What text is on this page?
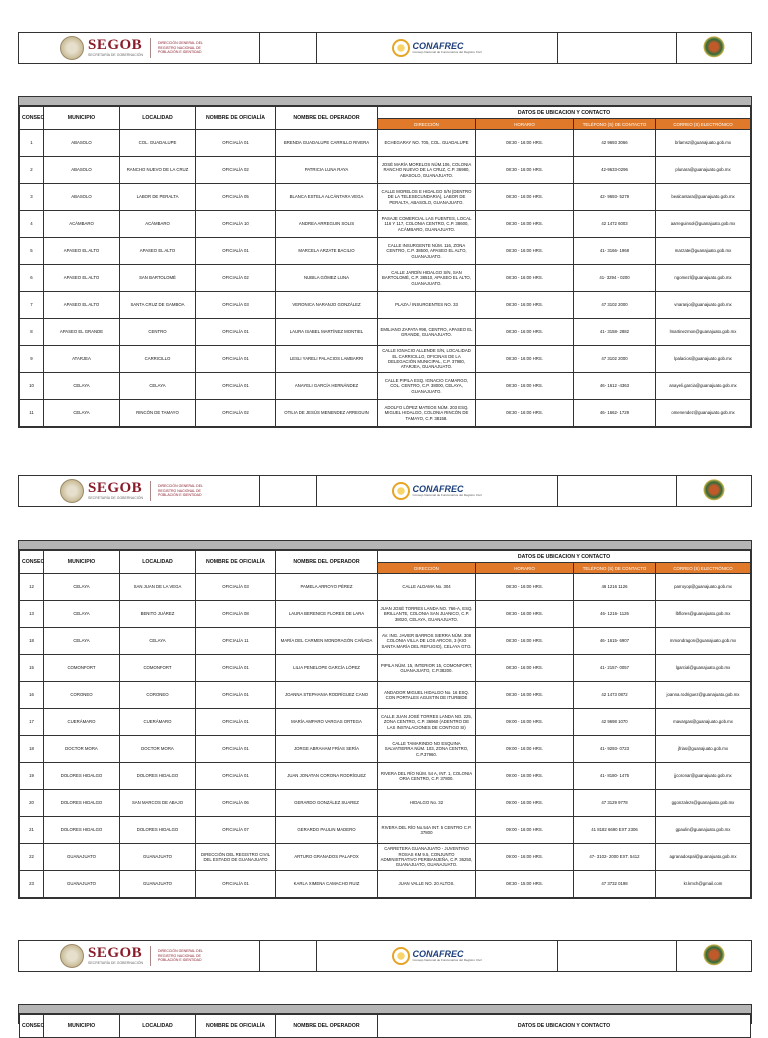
SEGOB
SECRETARÍA DE GOBERNACIÓN
DIRECCIÓN GENERAL DEL REGISTRO NACIONAL DE POBLACIÓN E IDENTIDAD
CONAFREC
Consejo Nacional de Funcionarios del Registro Civil
CONSEC	MUNICIPIO	LOCALIDAD	NOMBRE DE OFICIALÍA	NOMBRE DEL OPERADOR	DATOS DE UBICACION Y CONTACTO			
					DIRECCIÓN	HORARIO	TELÉFONO (S) DE CONTACTO	CORREO (S) ELECTRÓNICO
1	ABASOLO	COL. GUADALUPE	OFICIALÍA 01	BRENDA GUADALUPE CARRILLO RIVERA	ECHEGARAY NO. 705, COL. GUADALUPE	08:30 - 16:00 HRS.	42 9693 3066	brlamsz@guanajuato.gob.mx
2	ABASOLO	RANCHO NUEVO DE LA CRUZ	OFICIALÍA 02	PATRICIA LUNA RAYA	JOSÉ MARÍA MORELOS NÚM.106, COLONIA RANCHO NUEVO DE LA CRUZ, C.P. 36980, ABASOLO, GUANAJUATO.	08:30 - 16:00 HRS.	42-9633-0296	plunara@guanajuato.gob.mx
3	ABASOLO	LABOR DE PERALTA	OFICIALÍA 05	BLANCA ESTELA ALCÁNTARA VEGA	CALLE MORELOS E HIDALGO S/N (DENTRO DE LA TELESECUNDARIA), LABOR DE PERALTA, ABASOLO, GUANAJUATO.	08:30 - 16:00 HRS.	42- 9693- 5279	bealcantara@guanajuato.gob.mx
4	ACÁMBARO	ACÁMBARO	OFICIALÍA 10	ANDREA ARREGUIN SOLIS	PASAJE COMERCIAL LAS FUENTES, LOCAL 116 Y 117, COLONIA CENTRO, C.P. 38600, ACÁMBARO, GUANAJUATO.	08:30 - 16:00 HRS.	42 1472 6003	aarreguinsol@guanajuato.gob.mx
5	APASEO EL ALTO	APASEO EL ALTO	OFICIALÍA 01	MARCELA ARZATE BACILIO	CALLE INSURGENTE NÚM. 116, ZONA CENTRO, C.P. 38500, APASEO EL ALTO, GUANAJUATO.	08:30 - 16:00 HRS.	41- 3166- 1968	marzate@guanajuato.gob.mx
6	APASEO EL ALTO	SAN BARTOLOMÉ	OFICIALÍA 02	NUBILA GÓMEZ LUNA	CALLE JARDÍN HIDALGO S/N, SAN BARTOLOMÉ, C.P. 38510, APASEO EL ALTO, GUANAJUATO.	08:30 - 16:00 HRS.	41- 3294 - 0200	ngomezl@guanajuato.gob.mx
7	APASEO EL ALTO	SANTA CRUZ DE GAMBOA	OFICIALÍA 03	VERONICA NARANJO GONZÁLEZ	PLAZA / INSURGENTES NO. 33	08:30 - 16:00 HRS.	47 3102 2000	vnaranjo@guanajuato.gob.mx
8	APASEO EL GRANDE	CENTRO	OFICIALÍA 01	LAURA ISABEL MARTÍNEZ MONTIEL	EMILIANO ZAPATA #98, CENTRO, APASEO EL GRANDE, GUANAJUATO.	08:30 - 16:00 HRS.	41- 3158- 2882	lmartinezmon@guanajuato.gob.mx
9	ATARJEA	CARRICILLO	OFICIALÍA 01	LESLI YARELI PALACIOS LAMBARRI	CALLE IGNACIO ALLENDE S/N, LOCALIDAD EL CARRICILLO, OFICINAS DE LA DELEGACIÓN MUNICIPAL, C.P. 37980, ATARJEA, GUANAJUATO.	08:30 - 16:00 HRS.	47 3102 2000	lpalacios@guanajuato.gob.mx
10	CELAYA	CELAYA	OFICIALÍA 01	ANAYELI GARCÍA HERNÁNDEZ	CALLE PIPILA ESQ. IGNACIO CAMARGO, COL. CENTRO, C.P. 38000, CELAYA, GUANAJUATO.	08:30 - 16:00 HRS.	46- 1612 -4363	anayeli.garcia@guanajuato.gob.mx
11	CELAYA	RINCÓN DE TAMAYO	OFICIALÍA 02	OTILIA DE JESÚS MENENDEZ ARREGUIN	ADOLFO LÓPEZ MATEOS NÚM. 203 ESQ. MIGUEL HIDALGO, COLONIA RINCÓN DE TAMAYO, C.P. 38158.	08:30 - 16:00 HRS.	46- 1662- 1729	omenendez@guanajuato.gob.mx
SEGOB
SECRETARÍA DE GOBERNACIÓN
DIRECCIÓN GENERAL DEL REGISTRO NACIONAL DE POBLACIÓN E IDENTIDAD
CONAFREC
Consejo Nacional de Funcionarios del Registro Civil
CONSEC	MUNICIPIO	LOCALIDAD	NOMBRE DE OFICIALÍA	NOMBRE DEL OPERADOR	DATOS DE UBICACION Y CONTACTO			
					DIRECCIÓN	HORARIO	TELÉFONO (S) DE CONTACTO	CORREO (S) ELECTRÓNICO
12	CELAYA	SAN JUAN DE LA VEGA	OFICIALÍA 03	PAMELA ARROYO PÉREZ	CALLE ALDAMA No. 304	08:30 - 16:00 HRS.	46 1216 1126	parroyop@guanajuato.gob.mx
13	CELAYA	BENITO JUÁREZ	OFICIALÍA 08	LAURA BERENICE FLORES DE LARA	JUAN JOSÉ TORRES LANDA NO. 766-A, ESQ. BRILLANTE, COLONIA SAN JUANICO, C.P. 38020, CELAYA, GUANAJUATO.	08:30 - 16:00 HRS.	46- 1216- 1126	lbflores@guanajuato.gob.mx
18	CELAYA	CELAYA	OFICIALÍA 11	MARÍA DEL CARMEN MONDRAGÓN CAÑADA	AV. ING. JAVIER BARROS SIERRA NÚM. 308 COLONIA VILLA DE LOS ARCOS, 3 (KIO SANTA MARÍA DEL REFUGIO), CELAYA GTO.	08:30 - 16:00 HRS.	46- 1615- 6907	mmondragon@guanajuato.gob.mx
15	COMONFORT	COMONFORT	OFICIALÍA 01	LILIA PENELOPE GARCÍA LÓPEZ	PIPILA NÚM. 15, INTERIOR 15, COMONFORT, GUANAJUATO, C.P.38200.	08:30 - 16:00 HRS.	41- 2157- 0057	lgarcial@guanajuato.gob.mx
16	CORONEO	CORONEO	OFICIALÍA 01	JOANNA STEPHANIA RODRÍGUEZ CANO	ANDADOR MIGUEL HIDALGO No. 16 ESQ. CON PORTALES AGUSTIN DE ITURBIDE	08:30 - 16:00 HRS.	42 1473 0872	joanna.rodriguez@guanajuato.gob.mx
17	CUERÁMARO	CUERÁMARO	OFICIALÍA 01	MARÍA AMPARO VARGAS ORTEGA	CALLE JUAN JOSÉ TORRES LANDA NO. 225, ZONA CENTRO, C.P. 36960 (ADENTRO DE LAS INSTALACIONES DE CONTIGO SI)	09:00 - 16:00 HRS.	42 9698 1070	mavargas@guanajuato.gob.mx
18	DOCTOR MORA	DOCTOR MORA	OFICIALÍA 01	JORGE ABRAHAM FRÍAS SERÍA	CALLE TAMARINDO NO ESQUINA SALVATIERRA NÚM. 103, ZONA CENTRO, C.P.37960.	09:00 - 16:00 HRS.	41- 9293- 0723	jfrias@guanajuato.gob.mx
19	DOLORES HIDALGO	DOLORES HIDALGO	OFICIALÍA 01	JUAN JONATAN CORONA RODRÍGUEZ	RIVERA DEL RÍO NÚM. 54 A, INT. 1, COLONIA ORIA CENTRO, C.P. 37800.	09:00 - 16:00 HRS.	41- 8180- 1475	jjcoronar@guanajuato.gob.mx
20	DOLORES HIDALGO	SAN MARCOS DE ABAJO	OFICIALÍA 06	GERARDO GONZÁLEZ SUAREZ	HIDALGO No. 32	09:00 - 16:00 HRS.	47 3129 9778	ggonzalezs@guanajuato.gob.mx
21	DOLORES HIDALGO	DOLORES HIDALGO	OFICIALÍA 07	GERARDO PAULIN MADERO	RIVERA DEL RÍO No.54A INT. 5 CENTRO C.P. 37800	09:00 - 16:00 HRS.	41 8182 6690 EXT 2306	gpaulin@guanajuato.gob.mx
22	GUANAJUATO	GUANAJUATO	DIRECCIÓN DEL REGISTRO CIVIL DEL ESTADO DE GUANAJUATO	ARTURO GRANADOS PALAFOX	CARRETERA GUANAJUATO - JUVENTINO ROSAS KM 9.5, CONJUNTO ADMINISTRATIVO PERIBANJEÑA, C.P. 36250, GUANAJUATO, GUANAJUATO.	09:00 - 16:00 HRS.	47- 3102- 2000 EXT. 5412	agranadospal@guanajuato.gob.mx
23	GUANAJUATO	GUANAJUATO	OFICIALÍA 01	KARLA XIMENA CAMACHO RUIZ	JUAN VALLE NO. 20 ALTOS.	08:30 - 15:00 HRS.	47 3732 0198	kr.kmch@gmail.com
SEGOB
SECRETARÍA DE GOBERNACIÓN
DIRECCIÓN GENERAL DEL REGISTRO NACIONAL DE POBLACIÓN E IDENTIDAD
CONAFREC
Consejo Nacional de Funcionarios del Registro Civil
CONSEC	MUNICIPIO	LOCALIDAD	NOMBRE DE OFICIALÍA	NOMBRE DEL OPERADOR	DATOS DE UBICACION Y CONTACTO
